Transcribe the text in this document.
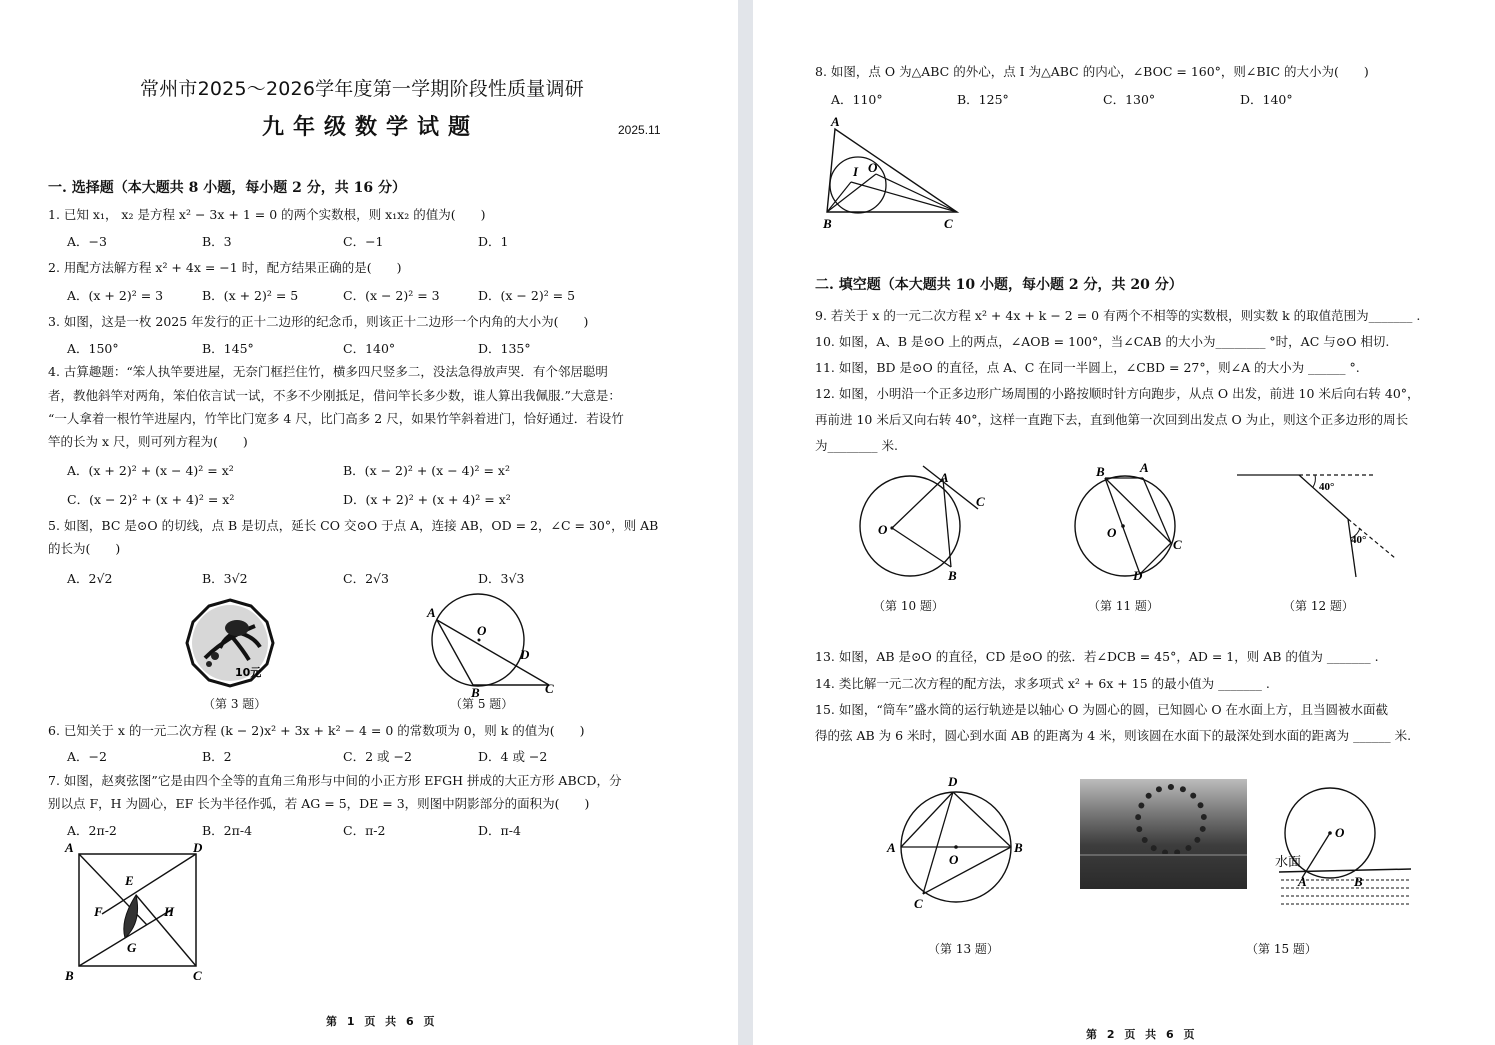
常州市2025～2026学年度第一学期阶段性质量调研
九年级数学试题	2025.11
一. 选择题（本大题共 8 小题，每小题 2 分，共 16 分）
1. 已知 x₁， x₂ 是方程 x² − 3x + 1 = 0 的两个实数根，则 x₁x₂ 的值为(　　)
A．−3	B．3	C．−1	D．1
2. 用配方法解方程 x² + 4x = −1 时，配方结果正确的是(　　)
A．(x + 2)² = 3	B．(x + 2)² = 5	C．(x − 2)² = 3	D．(x − 2)² = 5
3. 如图，这是一枚 2025 年发行的正十二边形的纪念币，则该正十二边形一个内角的大小为(　　)
A．150°	B．145°	C．140°	D．135°
4. 古算趣题：“笨人执竿要进屋，无奈门框拦住竹，横多四尺竖多二，没法急得放声哭．有个邻居聪明
者，教他斜竿对两角，笨伯依言试一试，不多不少刚抵足，借问竿长多少数，谁人算出我佩服.”大意是：
“一人拿着一根竹竿进屋内，竹竿比门宽多 4 尺，比门高多 2 尺，如果竹竿斜着进门，恰好通过．若设竹
竿的长为 x 尺，则可列方程为(　　)
A．(x + 2)² + (x − 4)² = x²	B．(x − 2)² + (x − 4)² = x²
C．(x − 2)² + (x + 4)² = x²	D．(x + 2)² + (x + 4)² = x²
5. 如图，BC 是⊙O 的切线，点 B 是切点，延长 CO 交⊙O 于点 A，连接 AB，OD = 2，∠C = 30°，则 AB
的长为(　　)
A．2√2	B．3√2	C．2√3	D．3√3
10元
（第 3 题）
A
O
D
B	C
（第 5 题）
6. 已知关于 x 的一元二次方程 (k − 2)x² + 3x + k² − 4 = 0 的常数项为 0，则 k 的值为(　　)
A．−2	B．2	C．2 或 −2	D．4 或 −2
7. 如图，赵爽弦图”它是由四个全等的直角三角形与中间的小正方形 EFGH 拼成的大正方形 ABCD，分
别以点 F，H 为圆心，EF 长为半径作弧，若 AG = 5，DE = 3，则图中阴影部分的面积为(　　)
A．2π-2	B．2π-4	C．π-2	D．π-4
A	D
E
F	H
G
B	C
第 1 页 共 6 页
8. 如图，点 O 为△ABC 的外心，点 I 为△ABC 的内心，∠BOC = 160°，则∠BIC 的大小为(　　)
A．110°	B．125°	C．130°	D．140°
A
I O
B	C
二. 填空题（本大题共 10 小题，每小题 2 分，共 20 分）
9. 若关于 x 的一元二次方程 x² + 4x + k − 2 = 0 有两个不相等的实数根，则实数 k 的取值范围为_______ .
10. 如图，A、B 是⊙O 上的两点，∠AOB = 100°，当∠CAB 的大小为________ °时，AC 与⊙O 相切.
11. 如图，BD 是⊙O 的直径，点 A、C 在同一半圆上，∠CBD = 27°，则∠A 的大小为 ______ °.
12. 如图，小明沿一个正多边形广场周围的小路按顺时针方向跑步，从点 O 出发，前进 10 米后向右转 40°，
再前进 10 米后又向右转 40°，这样一直跑下去，直到他第一次回到出发点 O 为止，则这个正多边形的周长
为________ 米.
A
C
O
B
（第 10 题）
B	A
O
C
D
（第 11 题）
40°
40°
（第 12 题）
13. 如图，AB 是⊙O 的直径，CD 是⊙O 的弦．若∠DCB = 45°，AD = 1，则 AB 的值为 _______ .
14. 类比解一元二次方程的配方法，求多项式 x² + 6x + 15 的最小值为 _______ .
15. 如图，“筒车”盛水筒的运行轨迹是以轴心 O 为圆心的圆，已知圆心 O 在水面上方，且当圆被水面截
得的弦 AB 为 6 米时，圆心到水面 AB 的距离为 4 米，则该圆在水面下的最深处到水面的距离为 ______ 米.
D
A
O
B
C
（第 13 题）
O
水面
A	B
（第 15 题）
第 2 页 共 6 页
